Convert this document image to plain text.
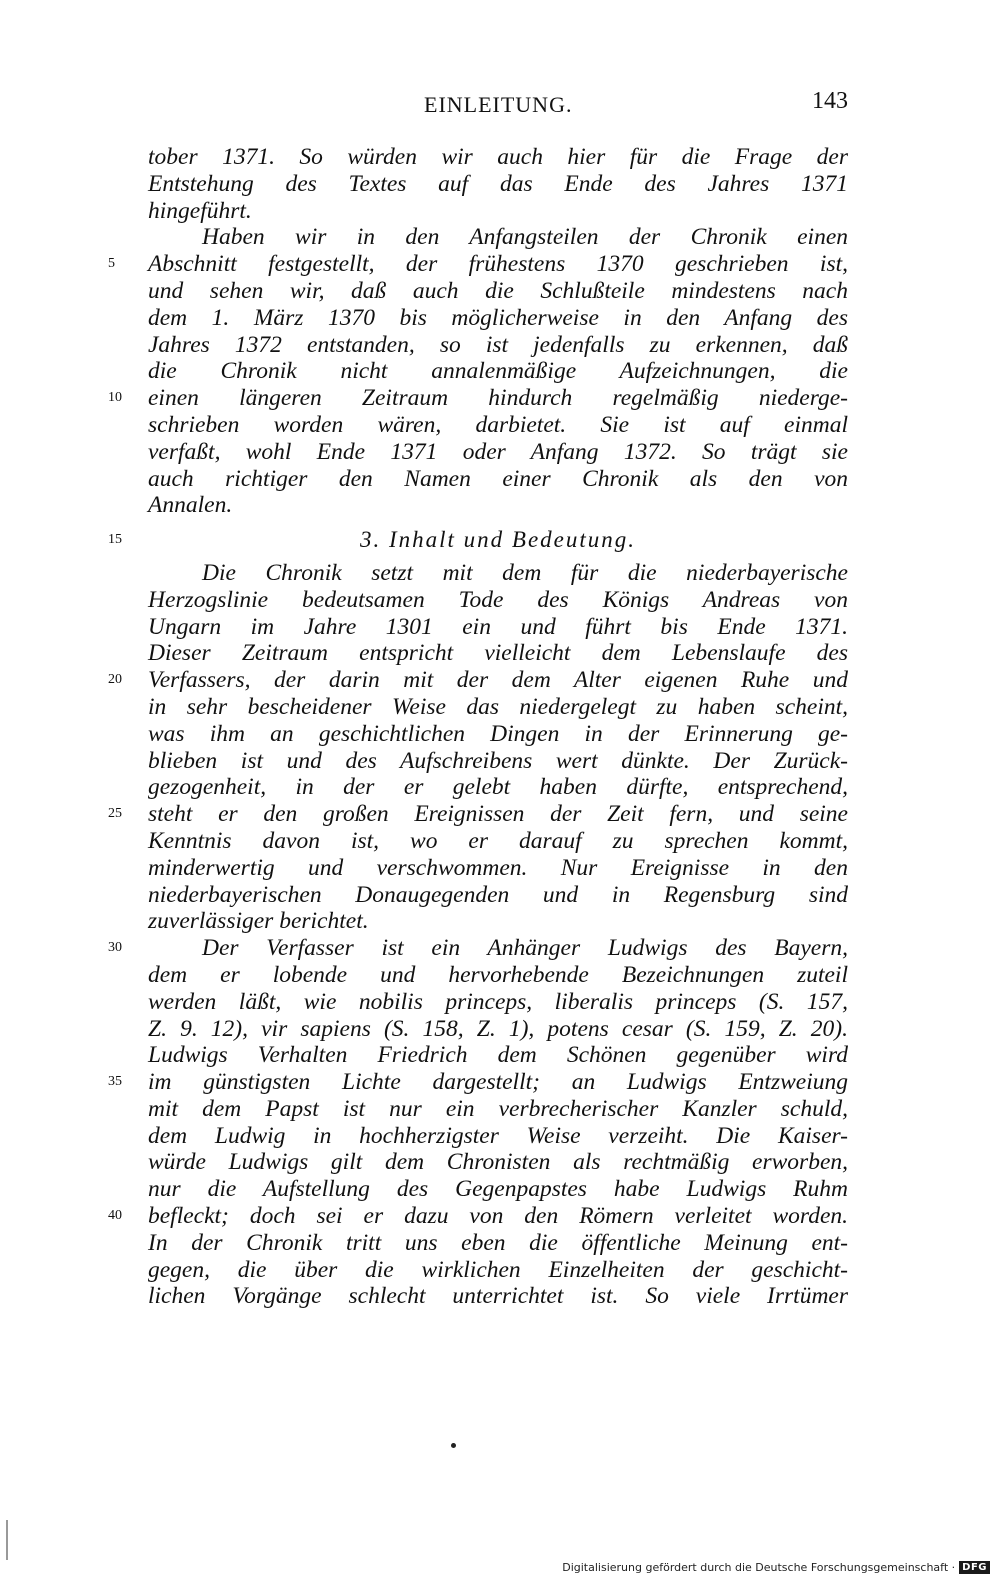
EINLEITUNG.	143
tober 1371. So würden wir auch hier für die Frage der
Entstehung des Textes auf das Ende des Jahres 1371
hingeführt.
Haben wir in den Anfangsteilen der Chronik einen
5	Abschnitt festgestellt, der frühestens 1370 geschrieben ist,
und sehen wir, daß auch die Schlußteile mindestens nach
dem 1. März 1370 bis möglicherweise in den Anfang des
Jahres 1372 entstanden, so ist jedenfalls zu erkennen, daß
die Chronik nicht annalenmäßige Aufzeichnungen, die
10	einen längeren Zeitraum hindurch regelmäßig niederge-
schrieben worden wären, darbietet. Sie ist auf einmal
verfaßt, wohl Ende 1371 oder Anfang 1372. So trägt sie
auch richtiger den Namen einer Chronik als den von
Annalen.
15	3. Inhalt und Bedeutung.
Die Chronik setzt mit dem für die niederbayerische
Herzogslinie bedeutsamen Tode des Königs Andreas von
Ungarn im Jahre 1301 ein und führt bis Ende 1371.
Dieser Zeitraum entspricht vielleicht dem Lebenslaufe des
20	Verfassers, der darin mit der dem Alter eigenen Ruhe und
in sehr bescheidener Weise das niedergelegt zu haben scheint,
was ihm an geschichtlichen Dingen in der Erinnerung ge-
blieben ist und des Aufschreibens wert dünkte. Der Zurück-
gezogenheit, in der er gelebt haben dürfte, entsprechend,
25	steht er den großen Ereignissen der Zeit fern, und seine
Kenntnis davon ist, wo er darauf zu sprechen kommt,
minderwertig und verschwommen. Nur Ereignisse in den
niederbayerischen Donaugegenden und in Regensburg sind
zuverlässiger berichtet.
30	Der Verfasser ist ein Anhänger Ludwigs des Bayern,
dem er lobende und hervorhebende Bezeichnungen zuteil
werden läßt, wie nobilis princeps, liberalis princeps (S. 157,
Z. 9. 12), vir sapiens (S. 158, Z. 1), potens cesar (S. 159, Z. 20).
Ludwigs Verhalten Friedrich dem Schönen gegenüber wird
35	im günstigsten Lichte dargestellt; an Ludwigs Entzweiung
mit dem Papst ist nur ein verbrecherischer Kanzler schuld,
dem Ludwig in hochherzigster Weise verzeiht. Die Kaiser-
würde Ludwigs gilt dem Chronisten als rechtmäßig erworben,
nur die Aufstellung des Gegenpapstes habe Ludwigs Ruhm
40	befleckt; doch sei er dazu von den Römern verleitet worden.
In der Chronik tritt uns eben die öffentliche Meinung ent-
gegen, die über die wirklichen Einzelheiten der geschicht-
lichen Vorgänge schlecht unterrichtet ist. So viele Irrtümer
Digitalisierung gefördert durch die Deutsche Forschungsgemeinschaft · DFG
